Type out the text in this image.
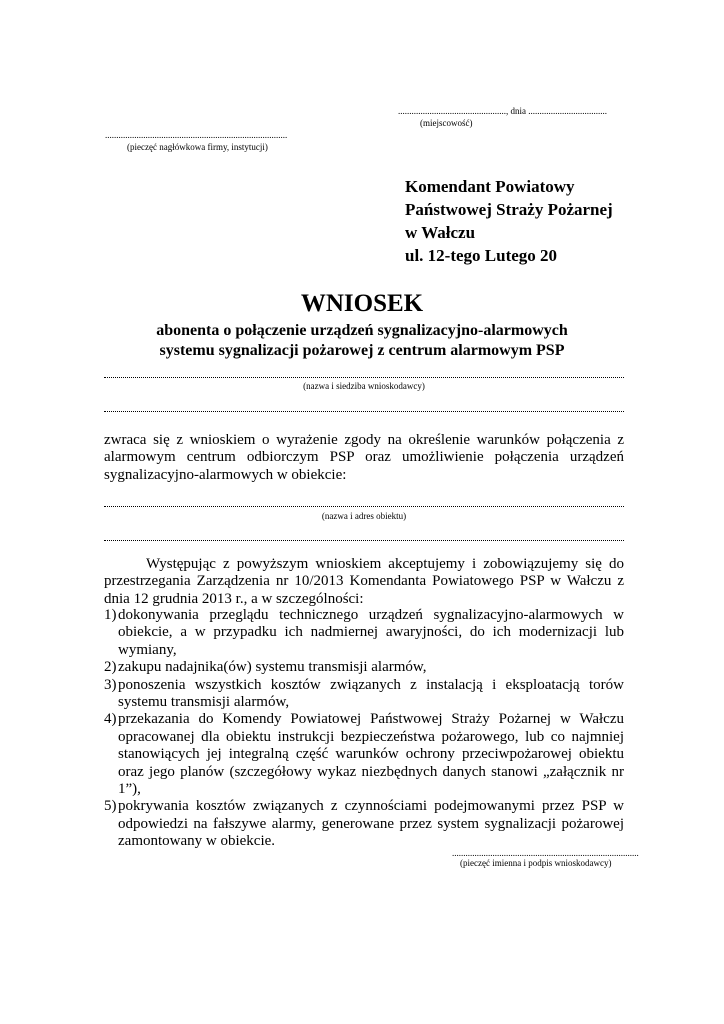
................................................, dnia ...................................
(miejscowość)
.................................................................................
(pieczęć nagłówkowa firmy, instytucji)
Komendant Powiatowy
Państwowej Straży Pożarnej
w Wałczu
ul. 12-tego Lutego 20
WNIOSEK
abonenta o połączenie urządzeń sygnalizacyjno-alarmowych
systemu sygnalizacji pożarowej z centrum alarmowym PSP
(nazwa i siedziba wnioskodawcy)
zwraca się z wnioskiem o wyrażenie zgody na określenie warunków połączenia z alarmowym centrum odbiorczym PSP oraz umożliwienie połączenia urządzeń sygnalizacyjno-alarmowych w obiekcie:
(nazwa i adres obiektu)
Występując z powyższym wnioskiem akceptujemy i zobowiązujemy się do przestrzegania Zarządzenia nr 10/2013 Komendanta Powiatowego PSP w Wałczu z dnia 12 grudnia 2013 r., a w szczególności:
1) dokonywania przeglądu technicznego urządzeń sygnalizacyjno-alarmowych w obiekcie, a w przypadku ich nadmiernej awaryjności, do ich modernizacji lub wymiany,
2) zakupu nadajnika(ów) systemu transmisji alarmów,
3) ponoszenia wszystkich kosztów związanych z instalacją i eksploatacją torów systemu transmisji alarmów,
4) przekazania do Komendy Powiatowej Państwowej Straży Pożarnej w Wałczu opracowanej dla obiektu instrukcji bezpieczeństwa pożarowego, lub co najmniej stanowiących jej integralną część warunków ochrony przeciwpożarowej obiektu oraz jego planów (szczegółowy wykaz niezbędnych danych stanowi „załącznik nr 1”),
5) pokrywania kosztów związanych z czynnościami podejmowanymi przez PSP w odpowiedzi na fałszywe alarmy, generowane przez system sygnalizacji pożarowej zamontowany w obiekcie.
...................................................................................
(pieczęć imienna i podpis wnioskodawcy)
